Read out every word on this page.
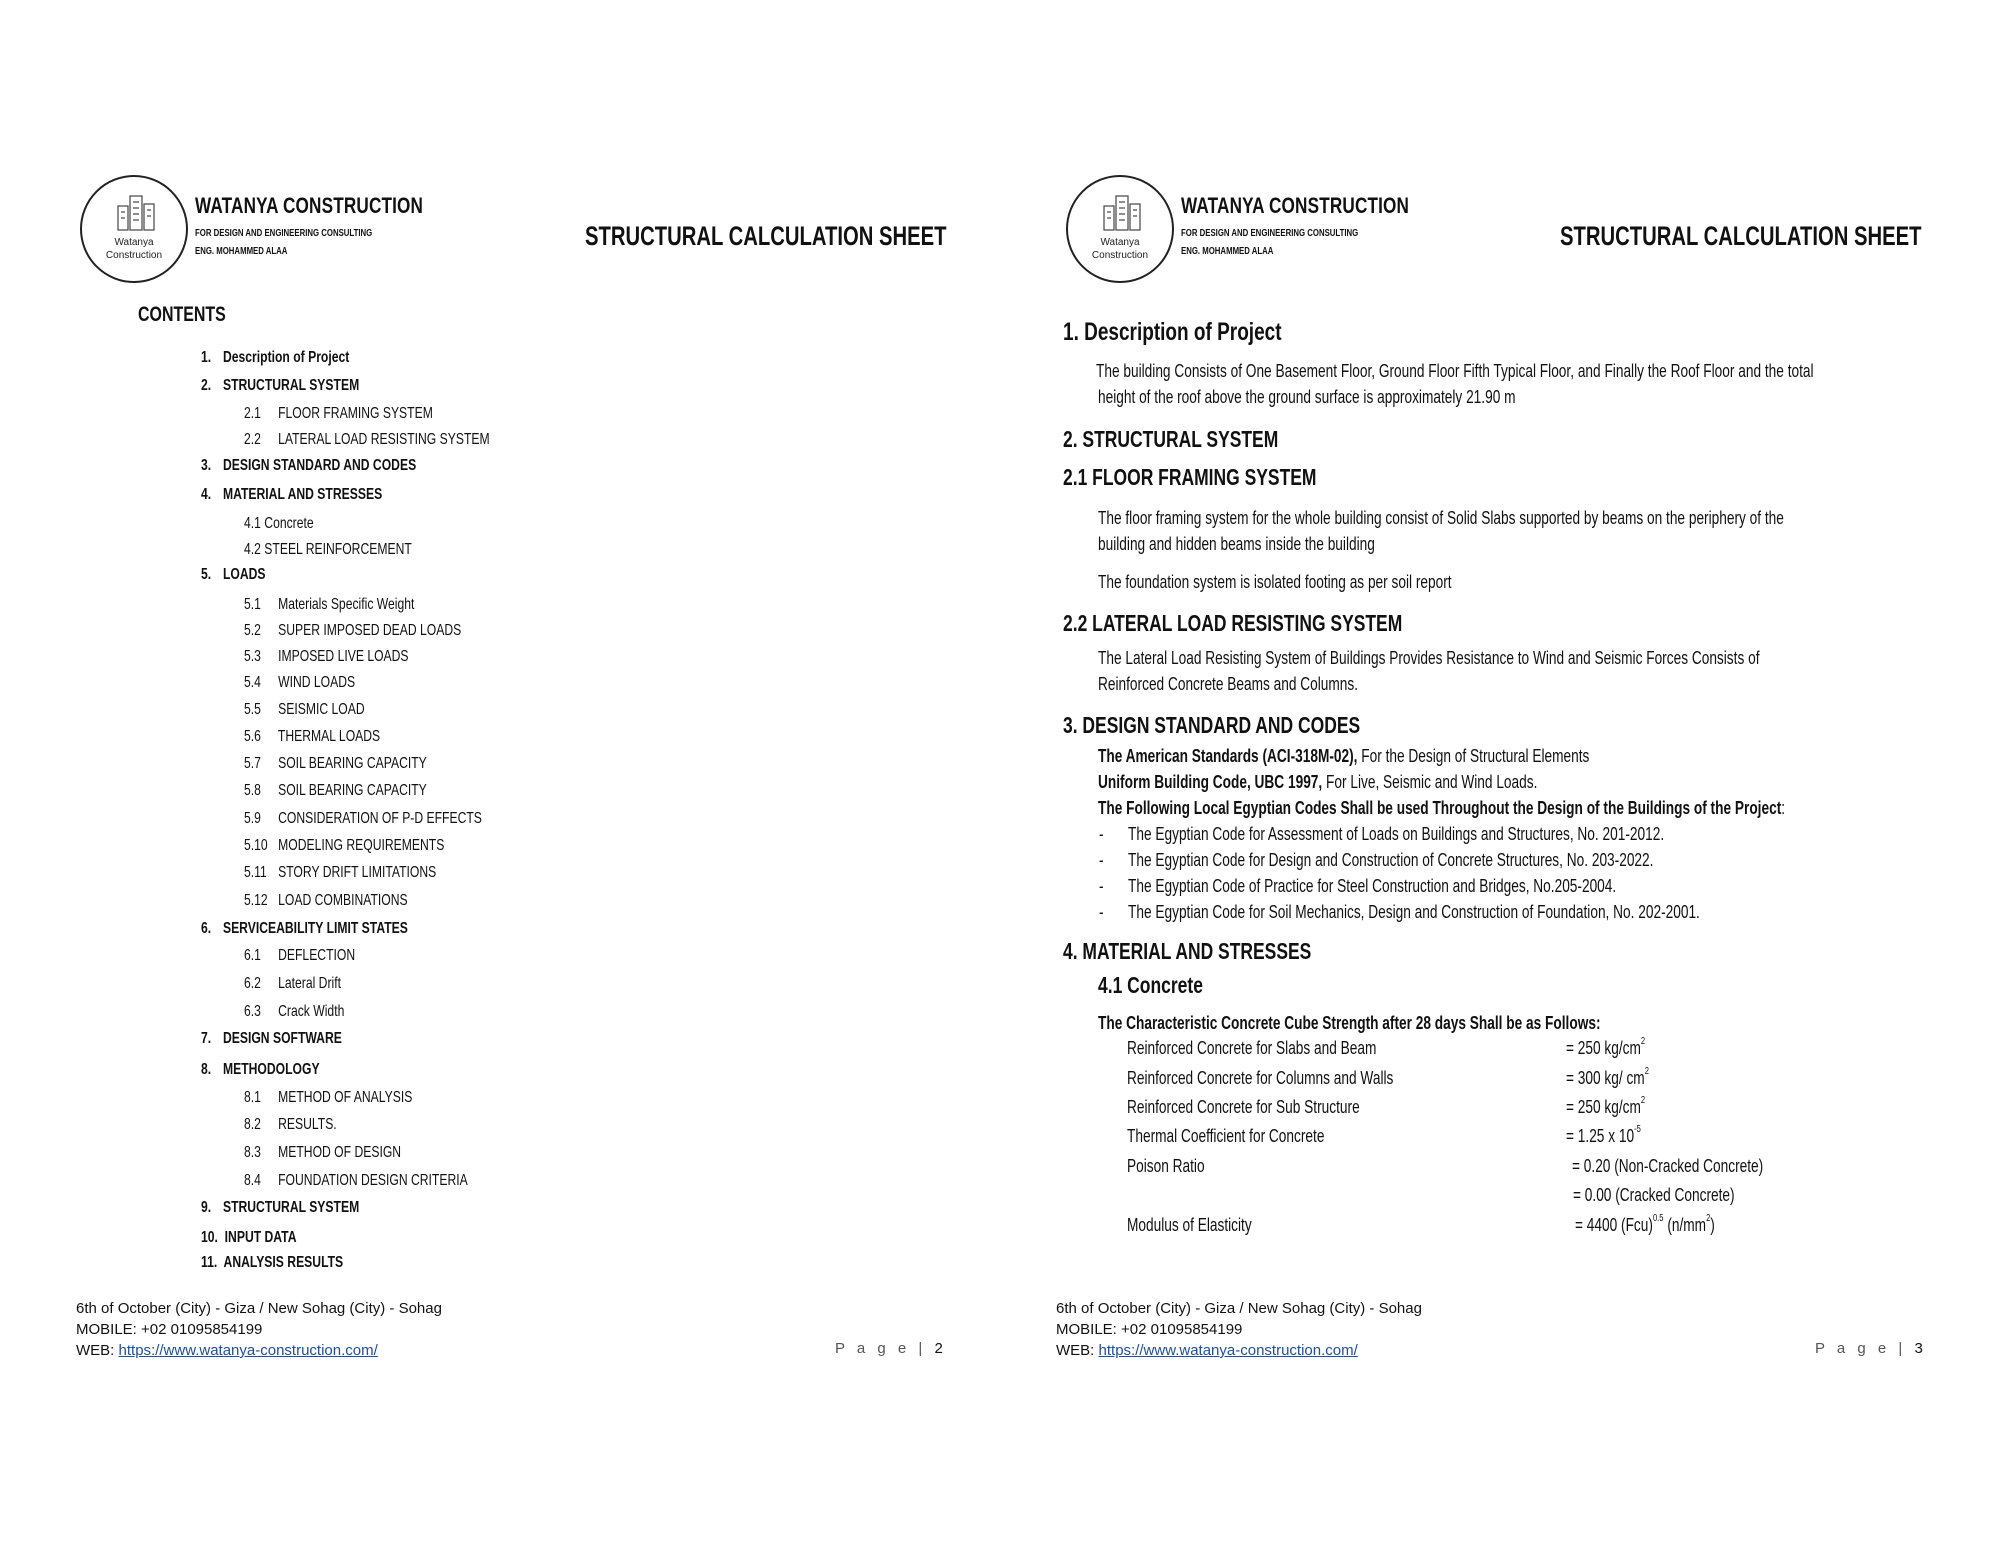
Watanya
Construction
WATANYA CONSTRUCTION
FOR DESIGN AND ENGINEERING CONSULTING
ENG. MOHAMMED ALAA
STRUCTURAL CALCULATION SHEET
CONTENTS
1. Description of Project
2. STRUCTURAL SYSTEM
2.1 FLOOR FRAMING SYSTEM
2.2 LATERAL LOAD RESISTING SYSTEM
3. DESIGN STANDARD AND CODES
4. MATERIAL AND STRESSES
4.1 Concrete
4.2 STEEL REINFORCEMENT
5. LOADS
5.1 Materials Specific Weight
5.2 SUPER IMPOSED DEAD LOADS
5.3 IMPOSED LIVE LOADS
5.4 WIND LOADS
5.5 SEISMIC LOAD
5.6 THERMAL LOADS
5.7 SOIL BEARING CAPACITY
5.8 SOIL BEARING CAPACITY
5.9 CONSIDERATION OF P-D EFFECTS
5.10 MODELING REQUIREMENTS
5.11 STORY DRIFT LIMITATIONS
5.12 LOAD COMBINATIONS
6. SERVICEABILITY LIMIT STATES
6.1 DEFLECTION
6.2 Lateral Drift
6.3 Crack Width
7. DESIGN SOFTWARE
8. METHODOLOGY
8.1 METHOD OF ANALYSIS
8.2 RESULTS.
8.3 METHOD OF DESIGN
8.4 FOUNDATION DESIGN CRITERIA
9. STRUCTURAL SYSTEM
10. INPUT DATA
11. ANALYSIS RESULTS
6th of October (City) - Giza / New Sohag (City) - Sohag
MOBILE: +02 01095854199
WEB: https://www.watanya-construction.com/	P a g e | 2
Watanya
Construction
WATANYA CONSTRUCTION
FOR DESIGN AND ENGINEERING CONSULTING
ENG. MOHAMMED ALAA
STRUCTURAL CALCULATION SHEET
1. Description of Project
The building Consists of One Basement Floor, Ground Floor Fifth Typical Floor, and Finally the Roof Floor and the total
height of the roof above the ground surface is approximately 21.90 m
2. STRUCTURAL SYSTEM
2.1 FLOOR FRAMING SYSTEM
The floor framing system for the whole building consist of Solid Slabs supported by beams on the periphery of the
building and hidden beams inside the building
The foundation system is isolated footing as per soil report
2.2 LATERAL LOAD RESISTING SYSTEM
The Lateral Load Resisting System of Buildings Provides Resistance to Wind and Seismic Forces Consists of
Reinforced Concrete Beams and Columns.
3. DESIGN STANDARD AND CODES
The American Standards (ACI-318M-02), For the Design of Structural Elements
Uniform Building Code, UBC 1997, For Live, Seismic and Wind Loads.
The Following Local Egyptian Codes Shall be used Throughout the Design of the Buildings of the Project:
- The Egyptian Code for Assessment of Loads on Buildings and Structures, No. 201-2012.
- The Egyptian Code for Design and Construction of Concrete Structures, No. 203-2022.
- The Egyptian Code of Practice for Steel Construction and Bridges, No.205-2004.
- The Egyptian Code for Soil Mechanics, Design and Construction of Foundation, No. 202-2001.
4. MATERIAL AND STRESSES
4.1 Concrete
The Characteristic Concrete Cube Strength after 28 days Shall be as Follows:
Reinforced Concrete for Slabs and Beam	= 250 $kg/cm^2$
Reinforced Concrete for Columns and Walls	= 300 kg/ $cm^2$
Reinforced Concrete for Sub Structure	= 250 $kg/cm^2$
Thermal Coefficient for Concrete	= 1.25 x $10^{-5}$
Poison Ratio	= 0.20 (Non-Cracked Concrete)
= 0.00 (Cracked Concrete)
Modulus of Elasticity	= 4400 (Fcu)$^{0.5}$ $(n/mm^2)$
6th of October (City) - Giza / New Sohag (City) - Sohag
MOBILE: +02 01095854199
WEB: https://www.watanya-construction.com/	P a g e | 3
